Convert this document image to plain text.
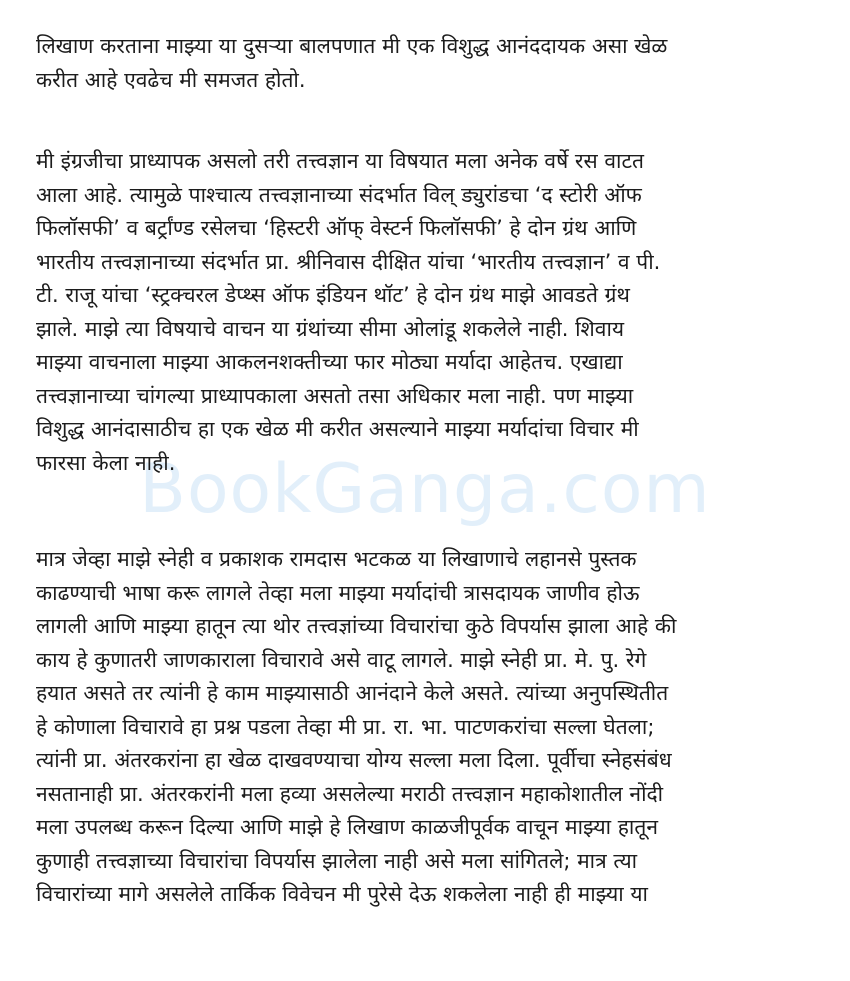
BookGanga.com

लिखाण करताना माझ्या या दुसऱ्या बालपणात मी एक विशुद्ध आनंददायक असा खेळ
करीत आहे एवढेच मी समजत होतो.

मी इंग्रजीचा प्राध्यापक असलो तरी तत्त्वज्ञान या विषयात मला अनेक वर्षे रस वाटत
आला आहे. त्यामुळे पाश्चात्य तत्त्वज्ञानाच्या संदर्भात विल् ड्युरांडचा ‘द स्टोरी ऑफ
फिलॉसफी’ व बर्ट्रांण्ड रसेलचा ‘हिस्टरी ऑफ् वेस्टर्न फिलॉसफी’ हे दोन ग्रंथ आणि
भारतीय तत्त्वज्ञानाच्या संदर्भात प्रा. श्रीनिवास दीक्षित यांचा ‘भारतीय तत्त्वज्ञान’ व पी.
टी. राजू यांचा ‘स्ट्रक्चरल डेप्थ्स ऑफ इंडियन थॉट’ हे दोन ग्रंथ माझे आवडते ग्रंथ
झाले. माझे त्या विषयाचे वाचन या ग्रंथांच्या सीमा ओलांडू शकलेले नाही. शिवाय
माझ्या वाचनाला माझ्या आकलनशक्तीच्या फार मोठ्या मर्यादा आहेतच. एखाद्या
तत्त्वज्ञानाच्या चांगल्या प्राध्यापकाला असतो तसा अधिकार मला नाही. पण माझ्या
विशुद्ध आनंदासाठीच हा एक खेळ मी करीत असल्याने माझ्या मर्यादांचा विचार मी
फारसा केला नाही.

मात्र जेव्हा माझे स्नेही व प्रकाशक रामदास भटकळ या लिखाणाचे लहानसे पुस्तक
काढण्याची भाषा करू लागले तेव्हा मला माझ्या मर्यादांची त्रासदायक जाणीव होऊ
लागली आणि माझ्या हातून त्या थोर तत्त्वज्ञांच्या विचारांचा कुठे विपर्यास झाला आहे की
काय हे कुणातरी जाणकाराला विचारावे असे वाटू लागले. माझे स्नेही प्रा. मे. पु. रेगे
हयात असते तर त्यांनी हे काम माझ्यासाठी आनंदाने केले असते. त्यांच्या अनुपस्थितीत
हे कोणाला विचारावे हा प्रश्न पडला तेव्हा मी प्रा. रा. भा. पाटणकरांचा सल्ला घेतला;
त्यांनी प्रा. अंतरकरांना हा खेळ दाखवण्याचा योग्य सल्ला मला दिला. पूर्वीचा स्नेहसंबंध
नसतानाही प्रा. अंतरकरांनी मला हव्या असलेल्या मराठी तत्त्वज्ञान महाकोशातील नोंदी
मला उपलब्ध करून दिल्या आणि माझे हे लिखाण काळजीपूर्वक वाचून माझ्या हातून
कुणाही तत्त्वज्ञाच्या विचारांचा विपर्यास झालेला नाही असे मला सांगितले; मात्र त्या
विचारांच्या मागे असलेले तार्किक विवेचन मी पुरेसे देऊ शकलेला नाही ही माझ्या या
